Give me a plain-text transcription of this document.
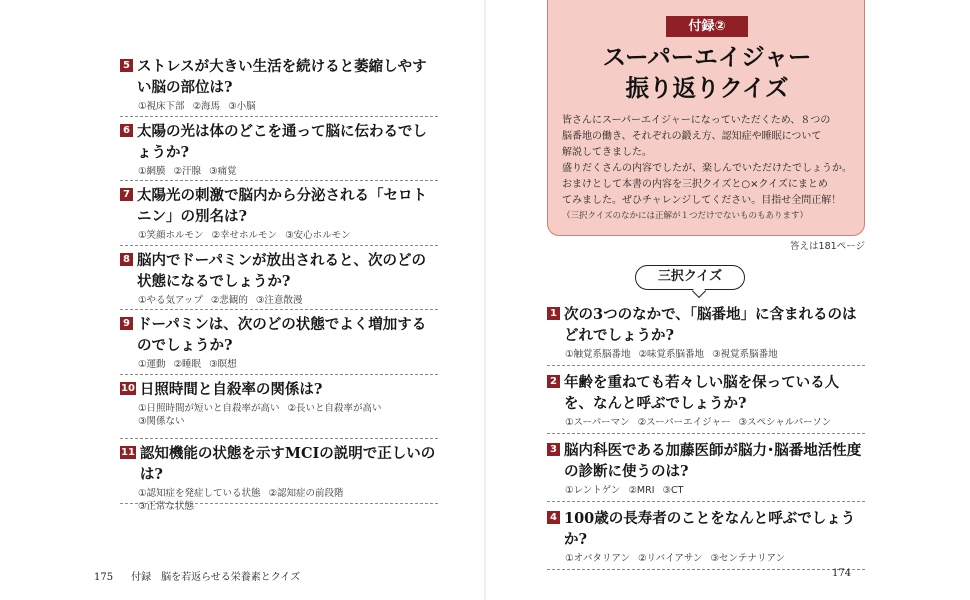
5 ストレスが大きい生活を続けると萎縮しやすい脳の部位は?
①視床下部 ②海馬 ③小脳
6 太陽の光は体のどこを通って脳に伝わるでしょうか?
①網膜 ②汗腺 ③痛覚
7 太陽光の刺激で脳内から分泌される「セロトニン」の別名は?
①笑顔ホルモン ②幸せホルモン ③安心ホルモン
8 脳内でドーパミンが放出されると、次のどの状態になるでしょうか?
①やる気アップ ②悲観的 ③注意散漫
9 ドーパミンは、次のどの状態でよく増加するのでしょうか?
①運動 ②睡眠 ③瞑想
10 日照時間と自殺率の関係は?
①日照時間が短いと自殺率が高い ②長いと自殺率が高い
③関係ない
11 認知機能の状態を示すMCIの説明で正しいのは?
①認知症を発症している状態 ②認知症の前段階
③正常な状態
175 付録　脳を若返らせる栄養素とクイズ
付録②
スーパーエイジャー
振り返りクイズ

皆さんにスーパーエイジャーになっていただくため、８つの

脳番地の働き、それぞれの鍛え方、認知症や睡眠について

解説してきました。

盛りだくさんの内容でしたが、楽しんでいただけたでしょうか。

おまけとして本書の内容を三択クイズと○×クイズにまとめ

てみました。ぜひチャレンジしてください。目指せ全問正解！

（三択クイズのなかには正解が１つだけでないものもあります）
答えは181ページ
三択クイズ
1 次の3つのなかで、「脳番地」に含まれるのはどれでしょうか?
①触覚系脳番地 ②味覚系脳番地 ③視覚系脳番地
2 年齢を重ねても若々しい脳を保っている人を、なんと呼ぶでしょうか?
①スーパーマン ②スーパーエイジャー ③スペシャルパーソン
3 脳内科医である加藤医師が脳力･脳番地活性度の診断に使うのは?
①レントゲン ②MRI ③CT
4 100歳の長寿者のことをなんと呼ぶでしょうか?
①オバタリアン ②リバイアサン ③センテナリアン
174
